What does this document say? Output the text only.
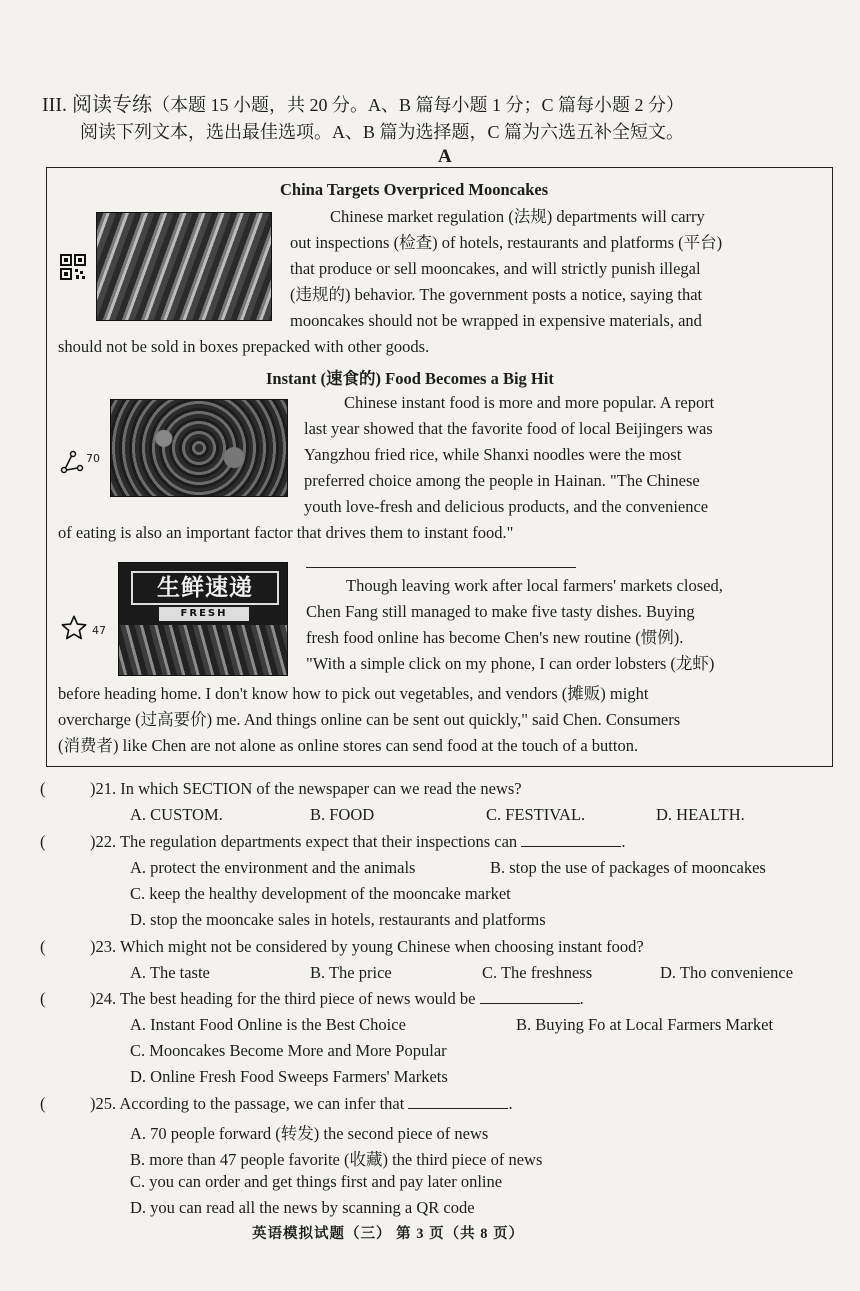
III. 阅读专练（本题 15 小题，共 20 分。A、B 篇每小题 1 分；C 篇每小题 2 分）
阅读下列文本，选出最佳选项。A、B 篇为选择题，C 篇为六选五补全短文。
A
China Targets Overpriced Mooncakes
Chinese market regulation (法规) departments will carry
out inspections (检查) of hotels, restaurants and platforms (平台)
that produce or sell mooncakes, and will strictly punish illegal
(违规的) behavior. The government posts a notice, saying that
mooncakes should not be wrapped in expensive materials, and
should not be sold in boxes prepacked with other goods.
Instant (速食的) Food Becomes a Big Hit
70
Chinese instant food is more and more popular. A report
last year showed that the favorite food of local Beijingers was
Yangzhou fried rice, while Shanxi noodles were the most
preferred choice among the people in Hainan. "The Chinese
youth love-fresh and delicious products, and the convenience
of eating is also an important factor that drives them to instant food."
生鲜速递
FRESH
47
Though leaving work after local farmers' markets closed,
Chen Fang still managed to make five tasty dishes. Buying
fresh food online has become Chen's new routine (惯例).
"With a simple click on my phone, I can order lobsters (龙虾)
before heading home. I don't know how to pick out vegetables, and vendors (摊贩) might
overcharge (过高要价) me. And things online can be sent out quickly," said Chen. Consumers
(消费者) like Chen are not alone as online stores can send food at the touch of a button.
(	)21. In which SECTION of the newspaper can we read the news?
A. CUSTOM.	B. FOOD	C. FESTIVAL.	D. HEALTH.
(	)22. The regulation departments expect that their inspections can	.
A. protect the environment and the animals	B. stop the use of packages of mooncakes
C. keep the healthy development of the mooncake market
D. stop the mooncake sales in hotels, restaurants and platforms
(	)23. Which might not be considered by young Chinese when choosing instant food?
A. The taste	B. The price	C. The freshness	D. Tho convenience
(	)24. The best heading for the third piece of news would be	.
A. Instant Food Online is the Best Choice	B. Buying Fo at Local Farmers Market
C. Mooncakes Become More and More Popular
D. Online Fresh Food Sweeps Farmers' Markets
(	)25. According to the passage, we can infer that	.
A. 70 people forward (转发) the second piece of news
B. more than 47 people favorite (收藏) the third piece of news
C. you can order and get things first and pay later online
D. you can read all the news by scanning a QR code
英语模拟试题（三） 第 3 页（共 8 页）
